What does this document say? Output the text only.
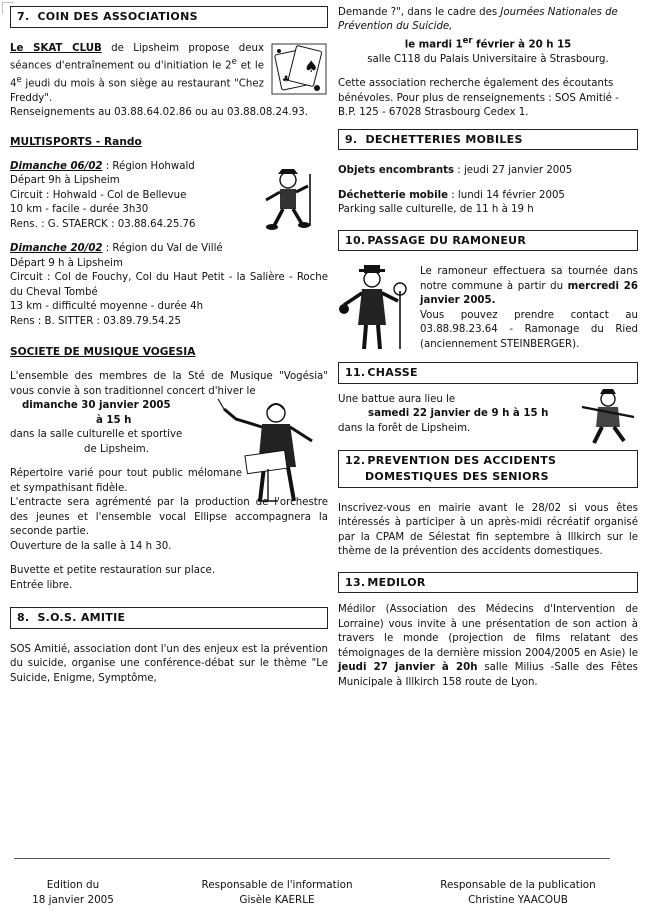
7. COIN DES ASSOCIATIONS
♠
♣

Le SKAT CLUB de Lipsheim propose deux séances d'entraînement ou d'initiation le 2e et le 4e jeudi du mois à son siège au restaurant "Chez Freddy".

Renseignements au 03.88.64.02.86 ou au 03.88.08.24.93.

MULTISPORTS - Rando

Dimanche 06/02 : Région Hohwald

Départ 9h à Lipsheim

Circuit : Hohwald - Col de Bellevue

10 km - facile - durée 3h30

Rens. : G. STAERCK : 03.88.64.25.76

Dimanche 20/02 : Région du Val de Villé

Départ 9 h à Lipsheim

Circuit : Col de Fouchy, Col du Haut Petit - la Salière - Roche du Cheval Tombé

13 km - difficulté moyenne - durée 4h

Rens : B. SITTER : 03.89.79.54.25

SOCIETE DE MUSIQUE VOGESIA

L'ensemble des membres de la Sté de Musique "Vogésia" vous convie à son traditionnel concert d'hiver le

dimanche 30 janvier 2005

à 15 h

dans la salle culturelle et sportive

de Lipsheim.

Répertoire varié pour tout public mélomane et sympathisant fidèle.

L'entracte sera agrémenté par la production de l'orchestre des jeunes et l'ensemble vocal Ellipse accompagnera la seconde partie.

Ouverture de la salle à 14 h 30.

Buvette et petite restauration sur place.

Entrée libre.

8. S.O.S. AMITIE

SOS Amitié, association dont l'un des enjeux est la prévention du suicide, organise une conférence-débat sur le thème "Le Suicide, Enigme, Symptôme,

Demande ?", dans le cadre des Journées Nationales de Prévention du Suicide,

le mardi 1er février à 20 h 15

salle C118 du Palais Universitaire à Strasbourg.

Cette association recherche également des écoutants bénévoles. Pour plus de renseignements : SOS Amitié - B.P. 125 - 67028 Strasbourg Cedex 1.

9. DECHETTERIES MOBILES

Objets encombrants : jeudi 27 janvier 2005

Déchetterie mobile : lundi 14 février 2005

Parking salle culturelle, de 11 h à 19 h

10. PASSAGE DU RAMONEUR

Le ramoneur effectuera sa tournée dans notre commune à partir du mercredi 26 janvier 2005.

Vous pouvez prendre contact au 03.88.98.23.64 - Ramonage du Ried (anciennement STEINBERGER).

11. CHASSE

Une battue aura lieu le

samedi 22 janvier de 9 h à 15 h

dans la forêt de Lipsheim.

12. PREVENTION DES ACCIDENTS
DOMESTIQUES DES SENIORS

Inscrivez-vous en mairie avant le 28/02 si vous êtes intéressés à participer à un après-midi récréatif organisé par la CPAM de Sélestat fin septembre à Illkirch sur le thème de la prévention des accidents domestiques.

13. MEDILOR

Médilor (Association des Médecins d'Intervention de Lorraine) vous invite à une présentation de son action à travers le monde (projection de films relatant des témoignages de la dernière mission 2004/2005 en Asie) le jeudi 27 janvier à 20h salle Milius -Salle des Fêtes Municipale à Illkirch 158 route de Lyon.

Edition du

18 janvier 2005

Responsable de l'information

Gisèle KAERLE

Responsable de la publication

Christine YAACOUB
